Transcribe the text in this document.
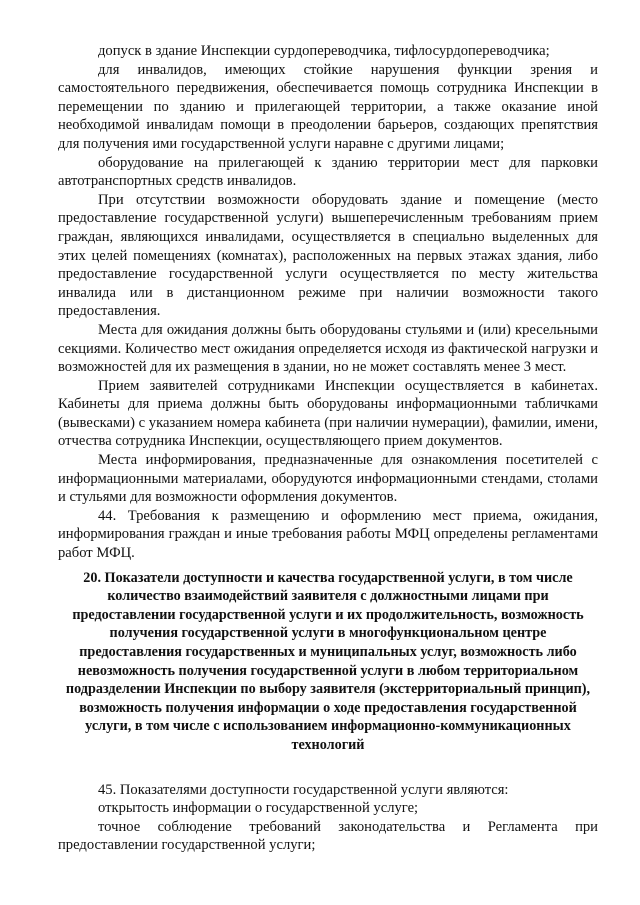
допуск в здание Инспекции сурдопереводчика, тифлосурдопереводчика;

для инвалидов, имеющих стойкие нарушения функции зрения и самостоятельного передвижения, обеспечивается помощь сотрудника Инспекции в перемещении по зданию и прилегающей территории, а также оказание иной необходимой инвалидам помощи в преодолении барьеров, создающих препятствия для получения ими государственной услуги наравне с другими лицами;

оборудование на прилегающей к зданию территории мест для парковки автотранспортных средств инвалидов.

При отсутствии возможности оборудовать здание и помещение (место предоставление государственной услуги) вышеперечисленным требованиям прием граждан, являющихся инвалидами, осуществляется в специально выделенных для этих целей помещениях (комнатах), расположенных на первых этажах здания, либо предоставление государственной услуги осуществляется по месту жительства инвалида или в дистанционном режиме при наличии возможности такого предоставления.

Места для ожидания должны быть оборудованы стульями и (или) кресельными секциями. Количество мест ожидания определяется исходя из фактической нагрузки и возможностей для их размещения в здании, но не может составлять менее 3 мест.

Прием заявителей сотрудниками Инспекции осуществляется в кабинетах. Кабинеты для приема должны быть оборудованы информационными табличками (вывесками) с указанием номера кабинета (при наличии нумерации), фамилии, имени, отчества сотрудника Инспекции, осуществляющего прием документов.

Места информирования, предназначенные для ознакомления посетителей с информационными материалами, оборудуются информационными стендами, столами и стульями для возможности оформления документов.

44. Требования к размещению и оформлению мест приема, ожидания, информирования граждан и иные требования работы МФЦ определены регламентами работ МФЦ.

20. Показатели доступности и качества государственной услуги, в том числе количество взаимодействий заявителя с должностными лицами при предоставлении государственной услуги и их продолжительность, возможность получения государственной услуги в многофункциональном центре предоставления государственных и муниципальных услуг, возможность либо невозможность получения государственной услуги в любом территориальном подразделении Инспекции по выбору заявителя (экстерриториальный принцип), возможность получения информации о ходе предоставления государственной услуги, в том числе с использованием информационно-коммуникационных технологий

45. Показателями доступности государственной услуги являются:

открытость информации о государственной услуге;

точное соблюдение требований законодательства и Регламента при предоставлении государственной услуги;
